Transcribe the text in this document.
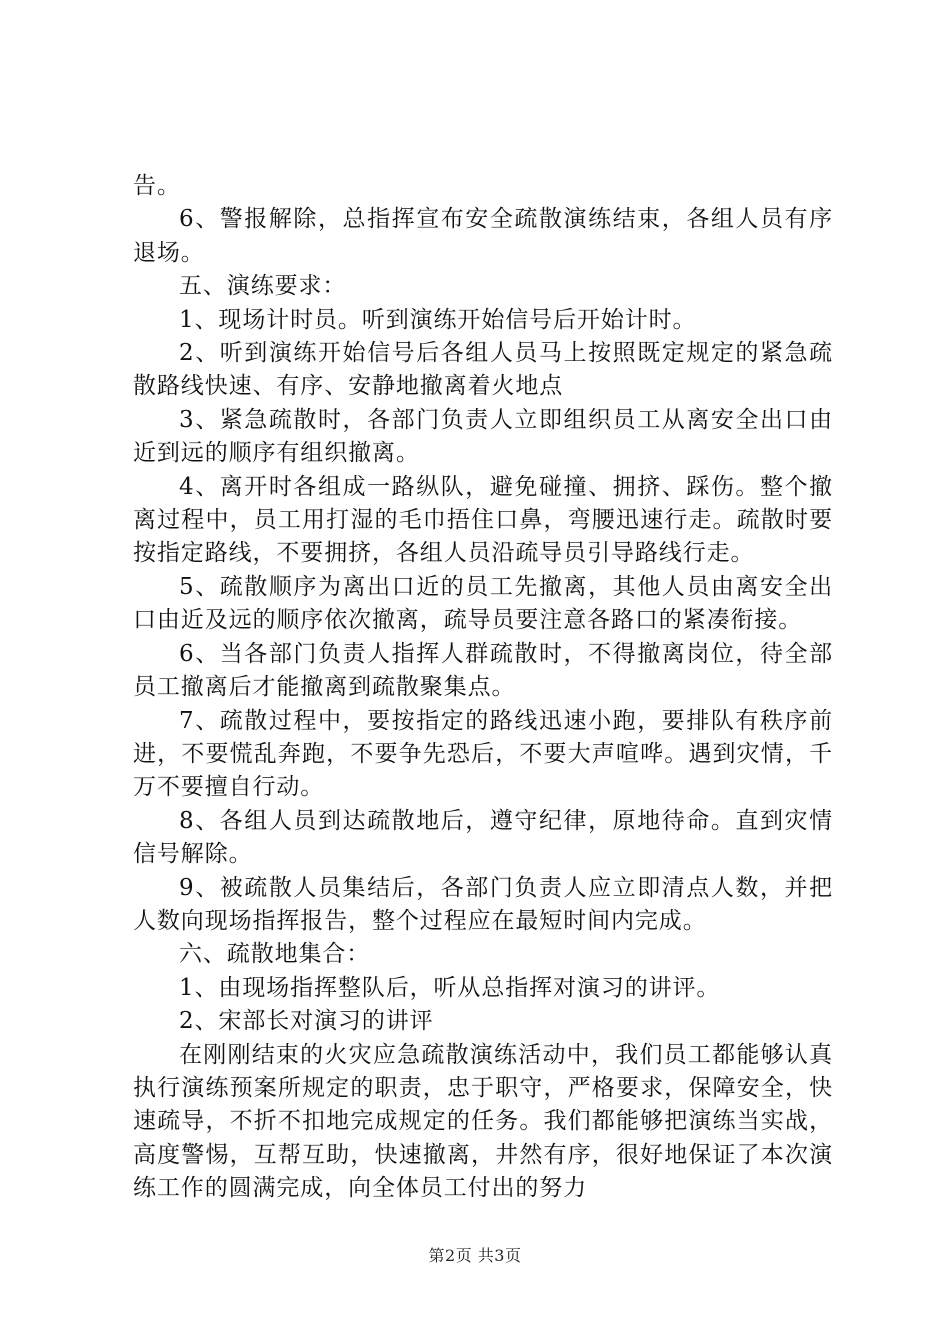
告。

6、警报解除，总指挥宣布安全疏散演练结束，各组人员有序退场。

五、演练要求：

1、现场计时员。听到演练开始信号后开始计时。

2、听到演练开始信号后各组人员马上按照既定规定的紧急疏散路线快速、有序、安静地撤离着火地点

3、紧急疏散时，各部门负责人立即组织员工从离安全出口由近到远的顺序有组织撤离。

4、离开时各组成一路纵队，避免碰撞、拥挤、踩伤。整个撤离过程中，员工用打湿的毛巾捂住口鼻，弯腰迅速行走。疏散时要按指定路线，不要拥挤，各组人员沿疏导员引导路线行走。

5、疏散顺序为离出口近的员工先撤离，其他人员由离安全出口由近及远的顺序依次撤离，疏导员要注意各路口的紧凑衔接。

6、当各部门负责人指挥人群疏散时，不得撤离岗位，待全部员工撤离后才能撤离到疏散聚集点。

7、疏散过程中，要按指定的路线迅速小跑，要排队有秩序前进，不要慌乱奔跑，不要争先恐后，不要大声喧哗。遇到灾情，千万不要擅自行动。

8、各组人员到达疏散地后，遵守纪律，原地待命。直到灾情信号解除。

9、被疏散人员集结后，各部门负责人应立即清点人数，并把人数向现场指挥报告，整个过程应在最短时间内完成。

六、疏散地集合：

1、由现场指挥整队后，听从总指挥对演习的讲评。

2、宋部长对演习的讲评

在刚刚结束的火灾应急疏散演练活动中，我们员工都能够认真执行演练预案所规定的职责，忠于职守，严格要求，保障安全，快速疏导，不折不扣地完成规定的任务。我们都能够把演练当实战，高度警惕，互帮互助，快速撤离，井然有序，很好地保证了本次演练工作的圆满完成，向全体员工付出的努力

第2页 共3页
